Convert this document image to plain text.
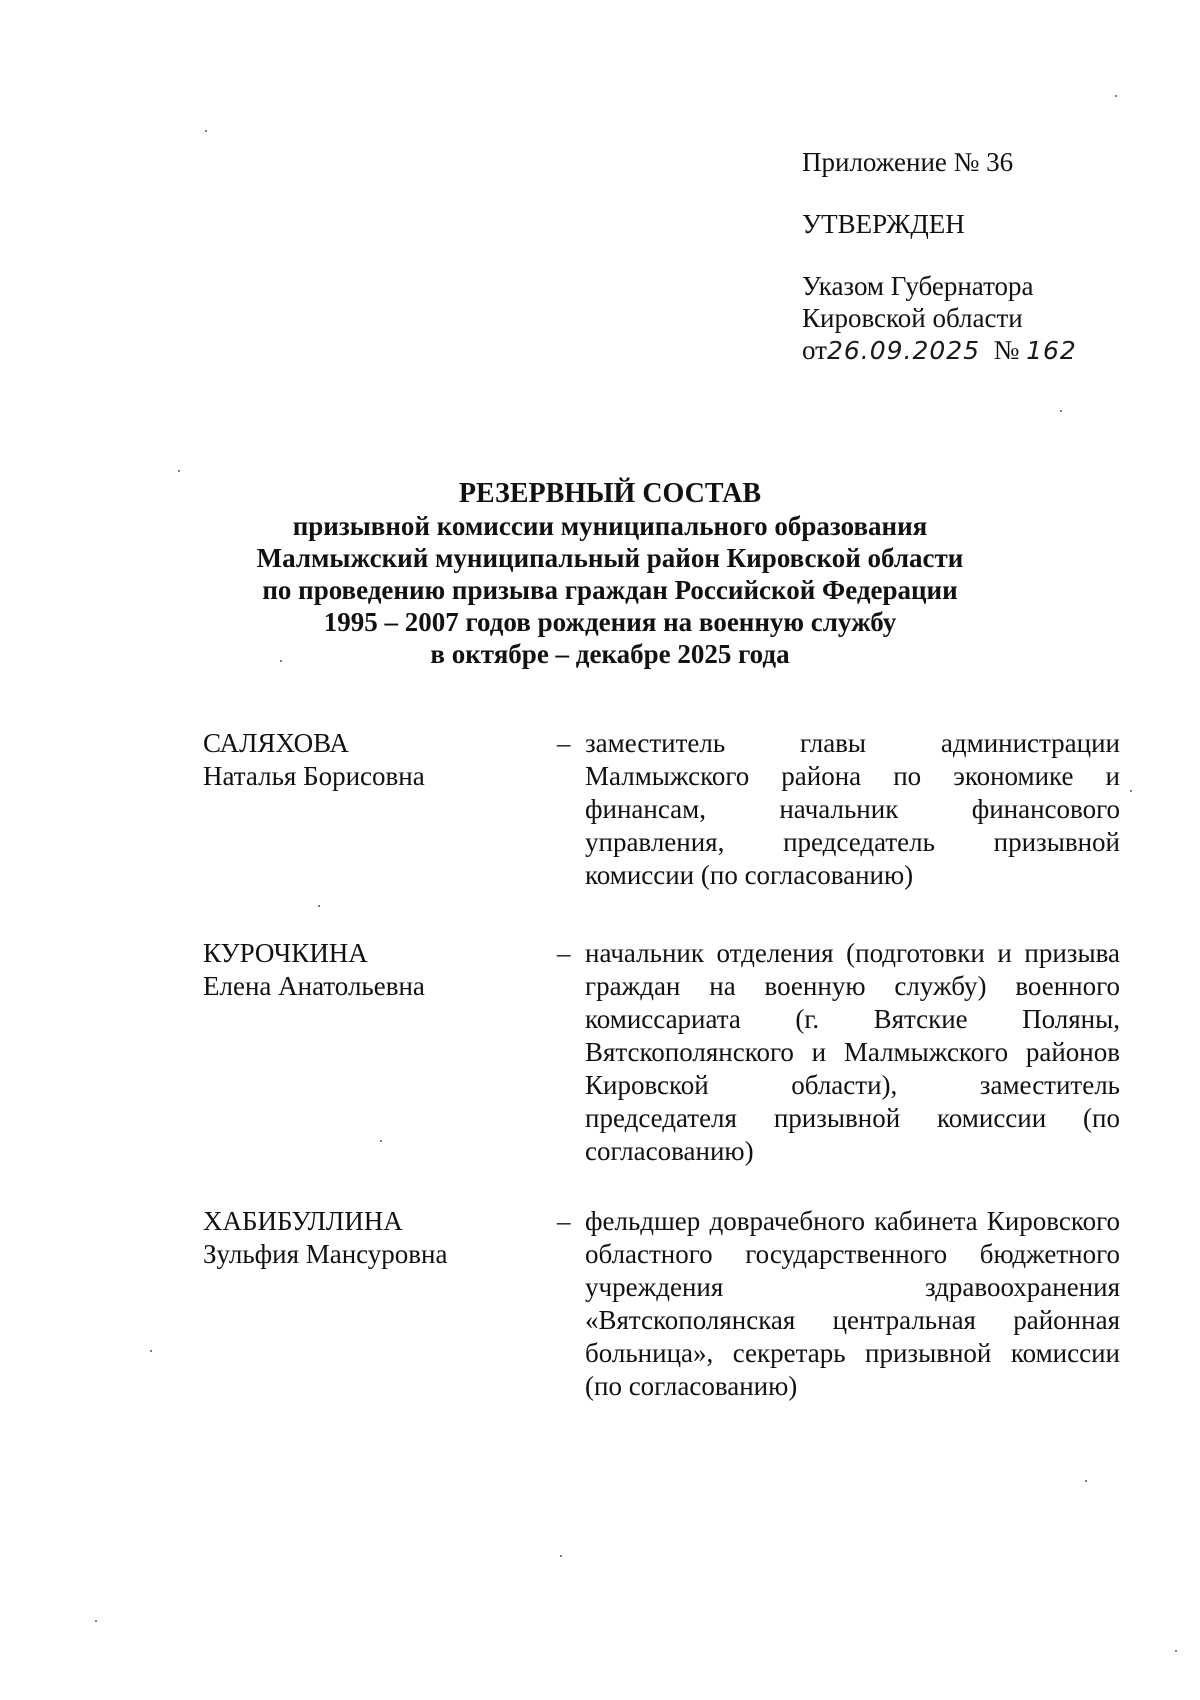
Приложение № 36
УТВЕРЖДЕН
Указом Губернатора
Кировской области
от26.09.2025 № 162
РЕЗЕРВНЫЙ СОСТАВ
призывной комиссии муниципального образования
Малмыжский муниципальный район Кировской области
по проведению призыва граждан Российской Федерации
1995 – 2007 годов рождения на военную службу
в октябре – декабре 2025 года
САЛЯХОВА
Наталья Борисовна
– заместитель главы администрации Малмыжского района по экономике и финансам, начальник финансового управления, председатель призывной комиссии (по согласованию)
КУРОЧКИНА
Елена Анатольевна
– начальник отделения (подготовки и призыва граждан на военную службу) военного комиссариата (г. Вятские Поляны, Вятскополянского и Малмыжского районов Кировской области), заместитель председателя призывной комиссии (по согласованию)
ХАБИБУЛЛИНА
Зульфия Мансуровна
– фельдшер доврачебного кабинета Кировского областного государственного бюджетного учреждения здравоохранения «Вятскополянская центральная районная больница», секретарь призывной комиссии (по согласованию)
